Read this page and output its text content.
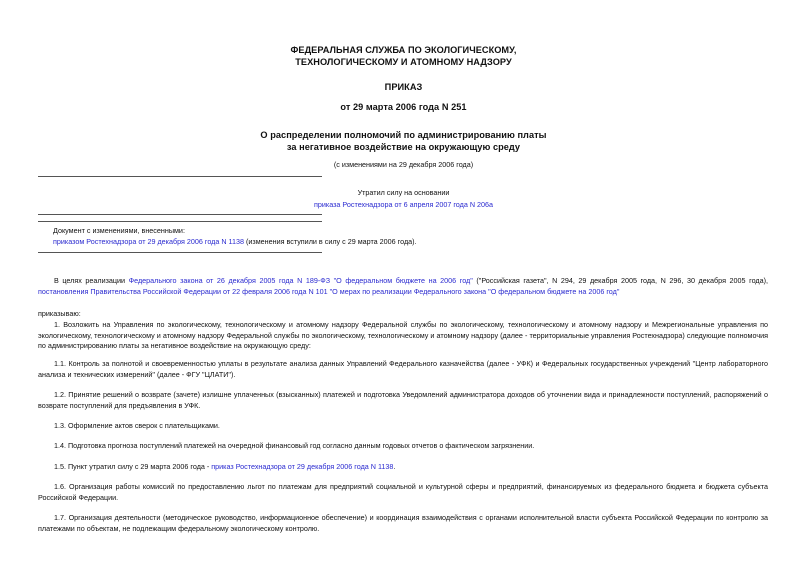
ФЕДЕРАЛЬНАЯ СЛУЖБА ПО ЭКОЛОГИЧЕСКОМУ,
ТЕХНОЛОГИЧЕСКОМУ И АТОМНОМУ НАДЗОРУ
ПРИКАЗ
от 29 марта 2006 года N 251
О распределении полномочий по администрированию платы
за негативное воздействие на окружающую среду
(с изменениями на 29 декабря 2006 года)
Утратил силу на основании
приказа Ростехнадзора от 6 апреля 2007 года N 206а
Документ с изменениями, внесенными:
приказом Ростехнадзора от 29 декабря 2006 года N 1138 (изменения вступили в силу с 29 марта 2006 года).
В целях реализации Федерального закона от 26 декабря 2005 года N 189-ФЗ "О федеральном бюджете на 2006 год" ("Российская газета", N 294, 29 декабря 2005 года, N 296, 30 декабря 2005 года), постановления Правительства Российской Федерации от 22 февраля 2006 года N 101 "О мерах по реализации Федерального закона "О федеральном бюджете на 2006 год"
приказываю:
1. Возложить на Управления по экологическому, технологическому и атомному надзору Федеральной службы по экологическому, технологическому и атомному надзору и Межрегиональные управления по экологическому, технологическому и атомному надзору Федеральной службы по экологическому, технологическому и атомному надзору (далее - территориальные управления Ростехнадзора) следующие полномочия по администрированию платы за негативное воздействие на окружающую среду:
1.1. Контроль за полнотой и своевременностью уплаты в результате анализа данных Управлений Федерального казначейства (далее - УФК) и Федеральных государственных учреждений "Центр лабораторного анализа и технических измерений" (далее - ФГУ "ЦЛАТИ").
1.2. Принятие решений о возврате (зачете) излишне уплаченных (взысканных) платежей и подготовка Уведомлений администратора доходов об уточнении вида и принадлежности поступлений, распоряжений о возврате поступлений для предъявления в УФК.
1.3. Оформление актов сверок с плательщиками.
1.4. Подготовка прогноза поступлений платежей на очередной финансовый год согласно данным годовых отчетов о фактическом загрязнении.
1.5. Пункт утратил силу с 29 марта 2006 года - приказ Ростехнадзора от 29 декабря 2006 года N 1138.
1.6. Организация работы комиссий по предоставлению льгот по платежам для предприятий социальной и культурной сферы и предприятий, финансируемых из федерального бюджета и бюджета субъекта Российской Федерации.
1.7. Организация деятельности (методическое руководство, информационное обеспечение) и координация взаимодействия с органами исполнительной власти субъекта Российской Федерации по контролю за платежами по объектам, не подлежащим федеральному экологическому контролю.
